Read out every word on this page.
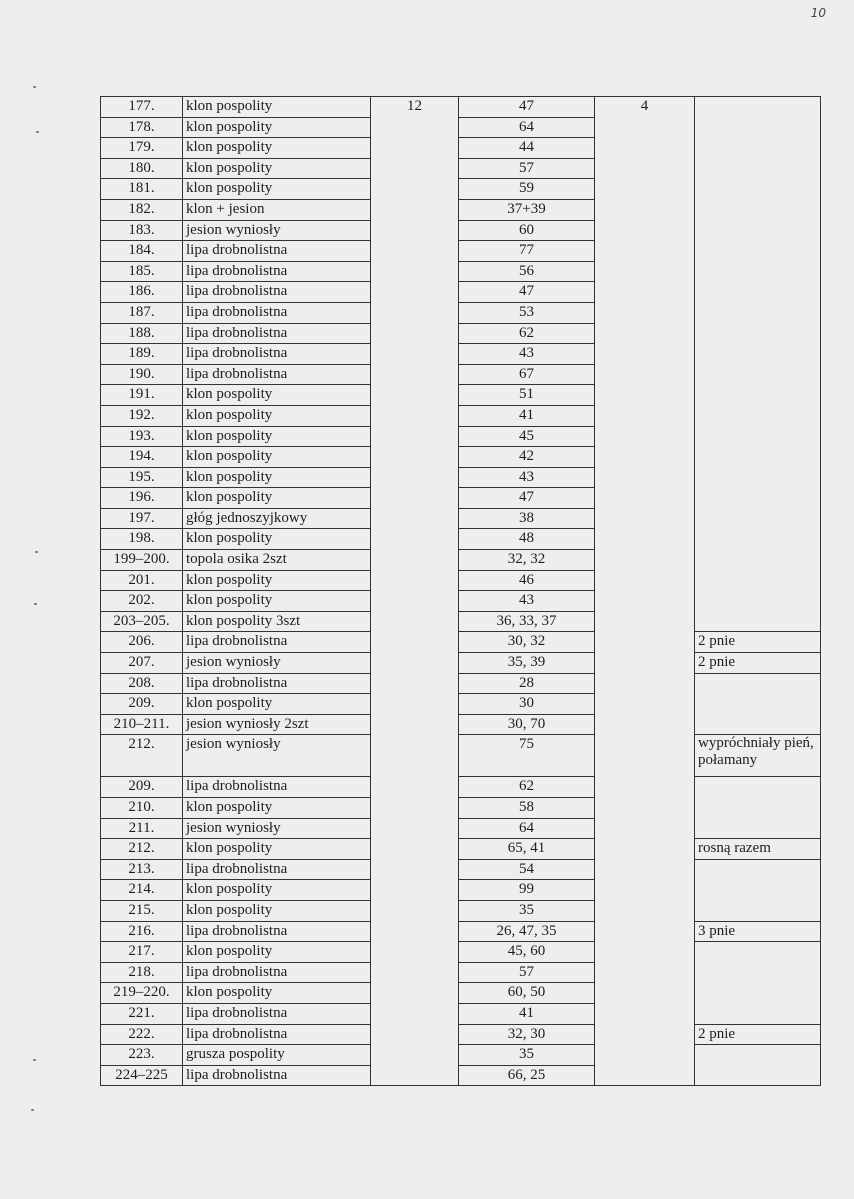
10
177.	klon pospolity	12	47	4	
178.	klon pospolity		64		
179.	klon pospolity		44		
180.	klon pospolity		57		
181.	klon pospolity		59		
182.	klon + jesion		37+39		
183.	jesion wyniosły		60		
184.	lipa drobnolistna		77		
185.	lipa drobnolistna		56		
186.	lipa drobnolistna		47		
187.	lipa drobnolistna		53		
188.	lipa drobnolistna		62		
189.	lipa drobnolistna		43		
190.	lipa drobnolistna		67		
191.	klon pospolity		51		
192.	klon pospolity		41		
193.	klon pospolity		45		
194.	klon pospolity		42		
195.	klon pospolity		43		
196.	klon pospolity		47		
197.	głóg jednoszyjkowy		38		
198.	klon pospolity		48		
199–200.	topola osika 2szt		32, 32		
201.	klon pospolity		46		
202.	klon pospolity		43		
203–205.	klon pospolity 3szt		36, 33, 37		
206.	lipa drobnolistna		30, 32		2 pnie
207.	jesion wyniosły		35, 39		2 pnie
208.	lipa drobnolistna		28		
209.	klon pospolity		30		
210–211.	jesion wyniosły 2szt		30, 70		
212.	jesion wyniosły		75		wypróchniały pień, połamany
209.	lipa drobnolistna		62		
210.	klon pospolity		58		
211.	jesion wyniosły		64		
212.	klon pospolity		65, 41		rosną razem
213.	lipa drobnolistna		54		
214.	klon pospolity		99		
215.	klon pospolity		35		
216.	lipa drobnolistna		26, 47, 35		3 pnie
217.	klon pospolity		45, 60		
218.	lipa drobnolistna		57		
219–220.	klon pospolity		60, 50		
221.	lipa drobnolistna		41		
222.	lipa drobnolistna		32, 30		2 pnie
223.	grusza pospolity		35		
224–225	lipa drobnolistna		66, 25		
